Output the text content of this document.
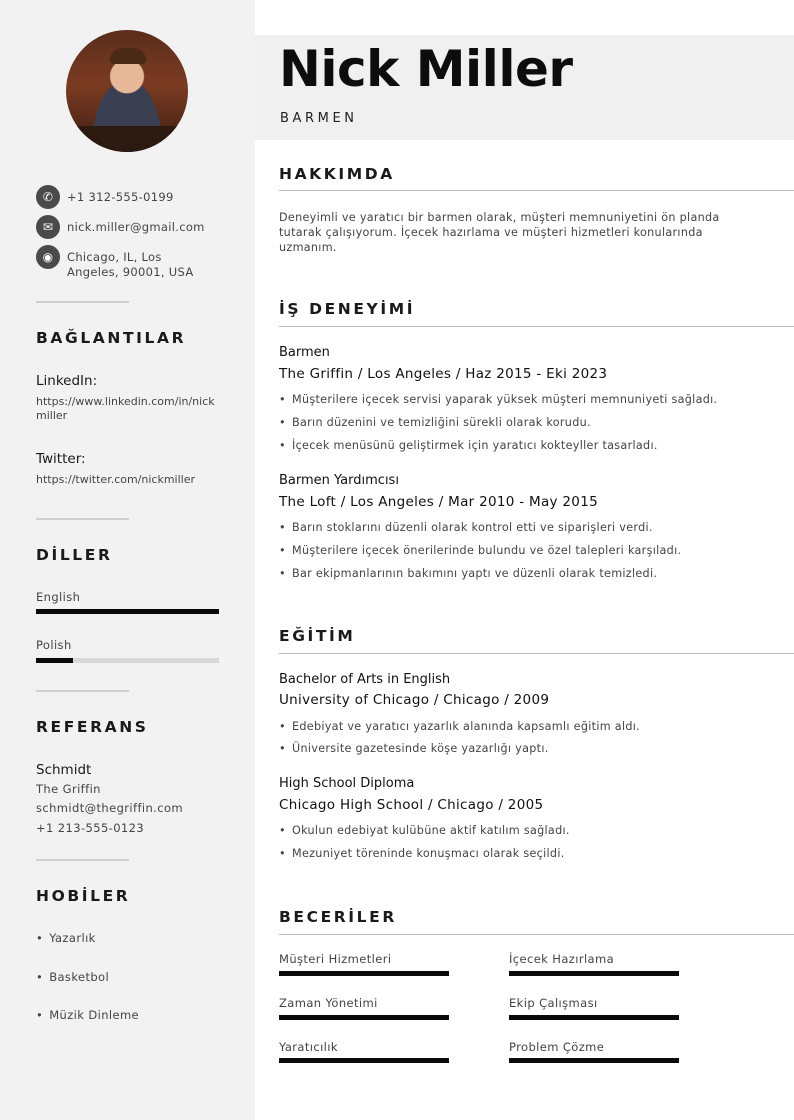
✆	+1 312-555-0199
✉	nick.miller@gmail.com
◉	Chicago, IL, Los Angeles, 90001, USA
BAĞLANTILAR
LinkedIn:
https://www.linkedin.com/in/nickmiller
Twitter:
https://twitter.com/nickmiller
DİLLER
English
Polish
REFERANS
Schmidt
The Griffin
schmidt@thegriffin.com
+1 213-555-0123
HOBİLER
• Yazarlık
• Basketbol
• Müzik Dinleme
Nick Miller
BARMEN
HAKKIMDA
Deneyimli ve yaratıcı bir barmen olarak, müşteri memnuniyetini ön planda tutarak çalışıyorum. İçecek hazırlama ve müşteri hizmetleri konularında uzmanım.
İŞ DENEYİMİ
Barmen
The Griffin / Los Angeles / Haz 2015 - Eki 2023
• Müşterilere içecek servisi yaparak yüksek müşteri memnuniyeti sağladı.
• Barın düzenini ve temizliğini sürekli olarak korudu.
• İçecek menüsünü geliştirmek için yaratıcı kokteyller tasarladı.
Barmen Yardımcısı
The Loft / Los Angeles / Mar 2010 - May 2015
• Barın stoklarını düzenli olarak kontrol etti ve siparişleri verdi.
• Müşterilere içecek önerilerinde bulundu ve özel talepleri karşıladı.
• Bar ekipmanlarının bakımını yaptı ve düzenli olarak temizledi.
EĞİTİM
Bachelor of Arts in English
University of Chicago / Chicago / 2009
• Edebiyat ve yaratıcı yazarlık alanında kapsamlı eğitim aldı.
• Üniversite gazetesinde köşe yazarlığı yaptı.
High School Diploma
Chicago High School / Chicago / 2005
• Okulun edebiyat kulübüne aktif katılım sağladı.
• Mezuniyet töreninde konuşmacı olarak seçildi.
BECERİLER
Müşteri Hizmetleri	İçecek Hazırlama
Zaman Yönetimi	Ekip Çalışması
Yaratıcılık	Problem Çözme
